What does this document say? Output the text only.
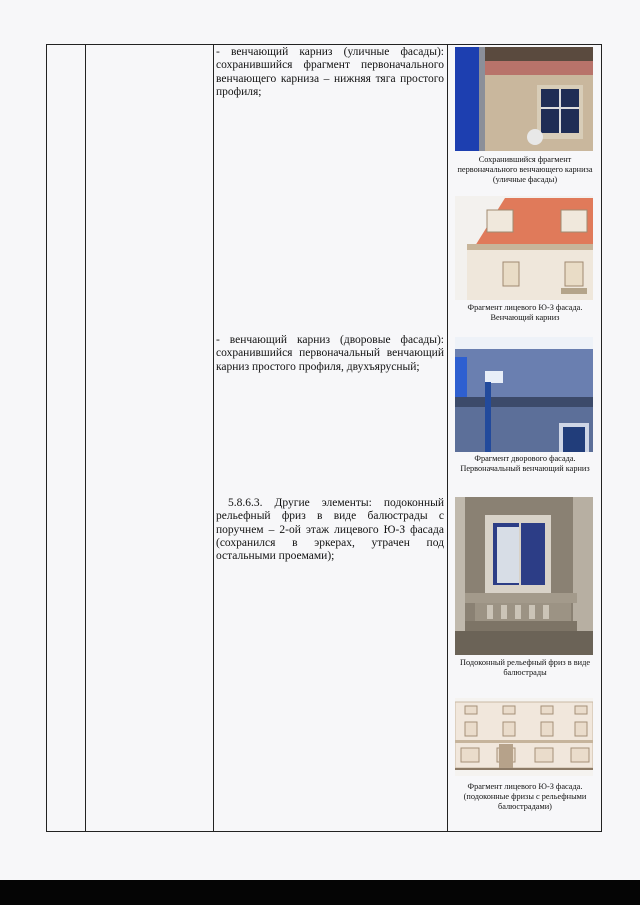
- венчающий карниз (уличные фасады): сохранившийся фрагмент первоначального венчающего карниза – нижняя тяга простого профиля;

- венчающий карниз (дворовые фасады): сохранившийся первоначальный венчающий карниз простого профиля, двухъярусный;

5.8.6.3. Другие элементы: подоконный рельефный фриз в виде балюстрады с поручнем – 2-ой этаж лицевого Ю-З фасада (сохранился в эркерах, утрачен под остальными проемами);

Сохранившийся фрагмент первоначального венчающего карниза (уличные фасады)
Фрагмент лицевого Ю-З фасада. Венчающий карниз
Фрагмент дворового фасада. Первоначальный венчающий карниз
Подоконный рельефный фриз в виде балюстрады
Фрагмент лицевого Ю-З фасада. (подоконные фризы с рельефными балюстрадами)
